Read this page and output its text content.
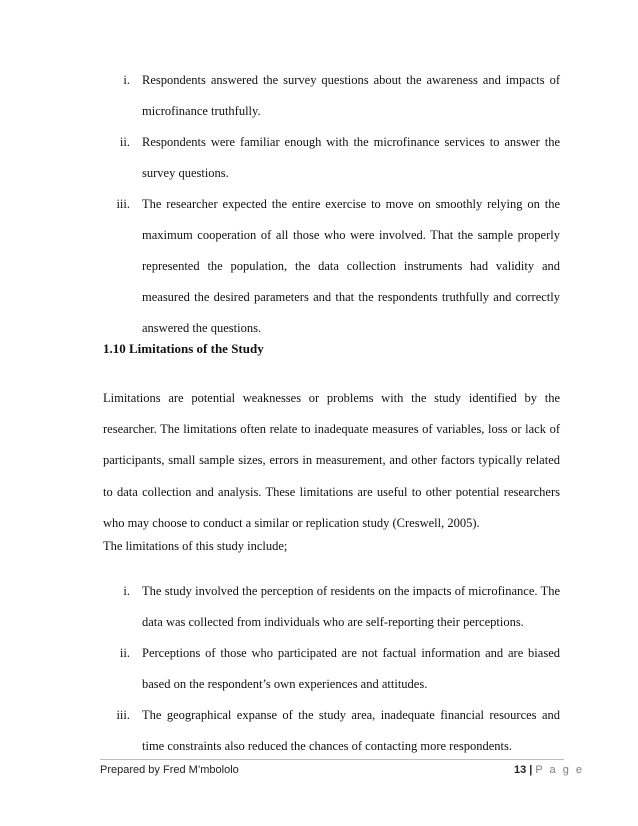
i. Respondents answered the survey questions about the awareness and impacts of
microfinance truthfully.
ii. Respondents were familiar enough with the microfinance services to answer the
survey questions.
iii. The researcher expected the entire exercise to move on smoothly relying on the
maximum cooperation of all those who were involved. That the sample properly
represented the population, the data collection instruments had validity and
measured the desired parameters and that the respondents truthfully and correctly
answered the questions.
1.10 Limitations of the Study
Limitations are potential weaknesses or problems with the study identified by the
researcher. The limitations often relate to inadequate measures of variables, loss or lack of
participants, small sample sizes, errors in measurement, and other factors typically related
to data collection and analysis. These limitations are useful to other potential researchers
who may choose to conduct a similar or replication study (Creswell, 2005).
The limitations of this study include;
i. The study involved the perception of residents on the impacts of microfinance. The
data was collected from individuals who are self-reporting their perceptions.
ii. Perceptions of those who participated are not factual information and are biased
based on the respondent’s own experiences and attitudes.
iii. The geographical expanse of the study area, inadequate financial resources and
time constraints also reduced the chances of contacting more respondents.
Prepared by Fred M’mbololo	13 | P a g e
